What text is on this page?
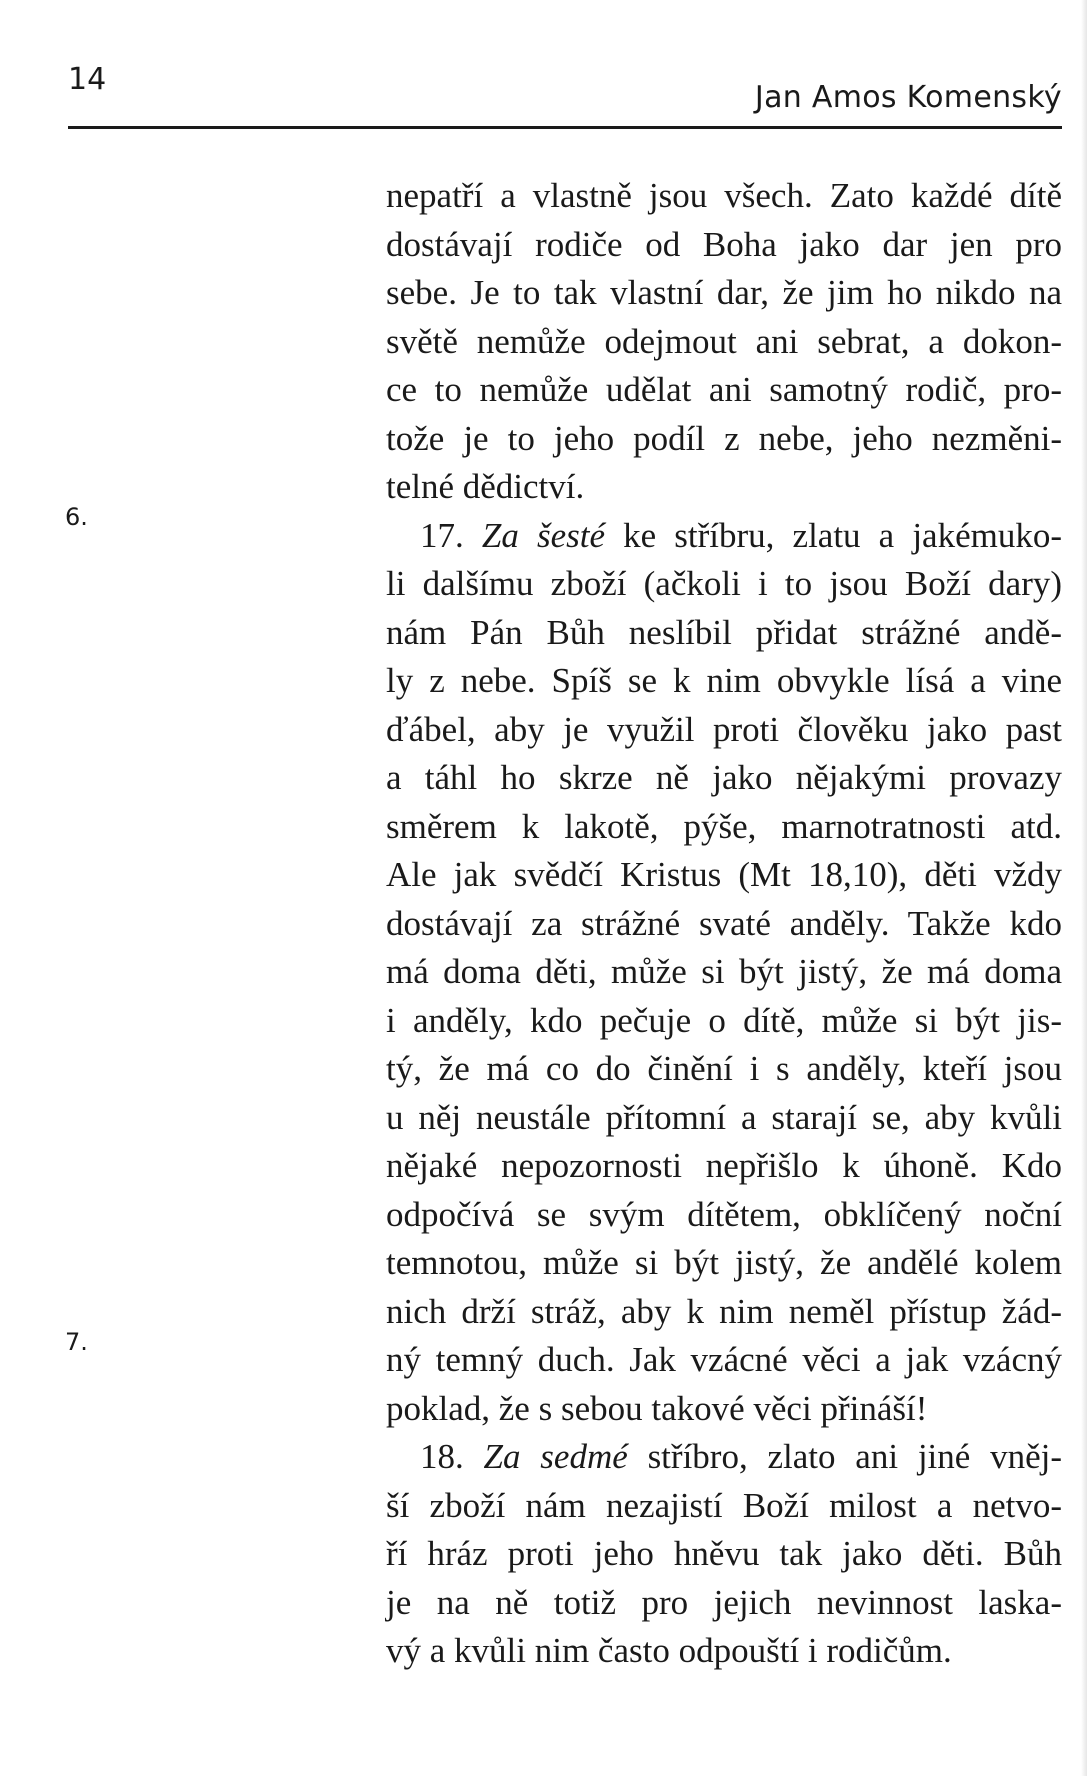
14
Jan Amos Komenský
6.
7.
nepatří a vlastně jsou všech. Zato každé dítě
dostávají rodiče od Boha jako dar jen pro
sebe. Je to tak vlastní dar, že jim ho nikdo na
světě nemůže odejmout ani sebrat, a dokon-
ce to nemůže udělat ani samotný rodič, pro-
tože je to jeho podíl z nebe, jeho nezměni-
telné dědictví.
17. Za šesté ke stříbru, zlatu a jakémuko-
li dalšímu zboží (ačkoli i to jsou Boží dary)
nám Pán Bůh neslíbil přidat strážné andě-
ly z nebe. Spíš se k nim obvykle lísá a vine
ďábel, aby je využil proti člověku jako past
a táhl ho skrze ně jako nějakými provazy
směrem k lakotě, pýše, marnotratnosti atd.
Ale jak svědčí Kristus (Mt 18,10), děti vždy
dostávají za strážné svaté anděly. Takže kdo
má doma děti, může si být jistý, že má doma
i anděly, kdo pečuje o dítě, může si být jis-
tý, že má co do činění i s anděly, kteří jsou
u něj neustále přítomní a starají se, aby kvůli
nějaké nepozornosti nepřišlo k úhoně. Kdo
odpočívá se svým dítětem, obklíčený noční
temnotou, může si být jistý, že andělé kolem
nich drží stráž, aby k nim neměl přístup žád-
ný temný duch. Jak vzácné věci a jak vzácný
poklad, že s sebou takové věci přináší!
18. Za sedmé stříbro, zlato ani jiné vněj-
ší zboží nám nezajistí Boží milost a netvo-
ří hráz proti jeho hněvu tak jako děti. Bůh
je na ně totiž pro jejich nevinnost laska-
vý a kvůli nim často odpouští i rodičům.
